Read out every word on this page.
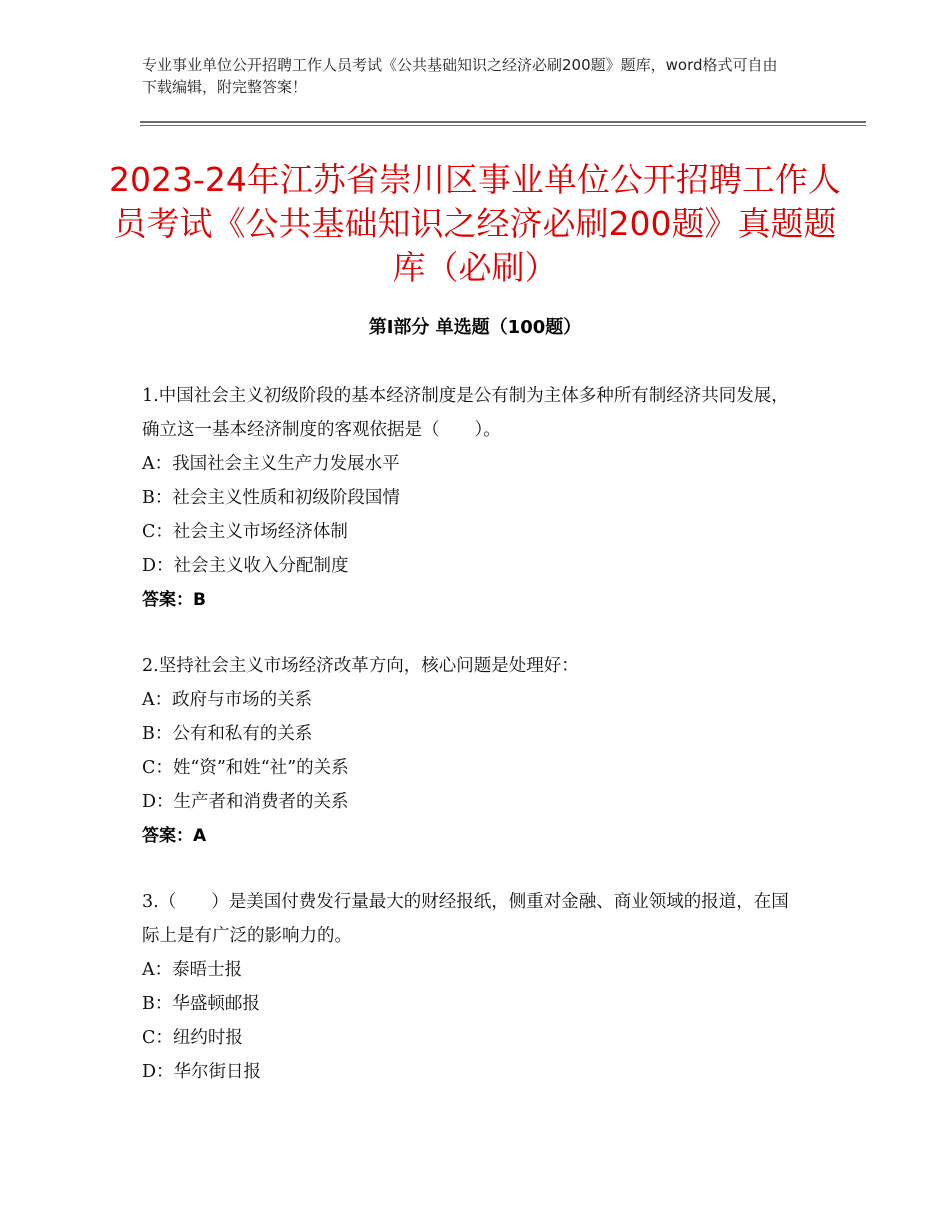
专业事业单位公开招聘工作人员考试《公共基础知识之经济必刷200题》题库，word格式可自由下载编辑，附完整答案！
2023-24年江苏省崇川区事业单位公开招聘工作人员考试《公共基础知识之经济必刷200题》真题题库（必刷）
第Ⅰ部分 单选题（100题）
1.中国社会主义初级阶段的基本经济制度是公有制为主体多种所有制经济共同发展，确立这一基本经济制度的客观依据是（　　）。
A：我国社会主义生产力发展水平
B：社会主义性质和初级阶段国情
C：社会主义市场经济体制
D：社会主义收入分配制度
答案：B
2.坚持社会主义市场经济改革方向，核心问题是处理好：
A：政府与市场的关系
B：公有和私有的关系
C：姓“资”和姓“社”的关系
D：生产者和消费者的关系
答案：A
3.（　　）是美国付费发行量最大的财经报纸，侧重对金融、商业领域的报道，在国际上是有广泛的影响力的。
A：泰晤士报
B：华盛顿邮报
C：纽约时报
D：华尔街日报
